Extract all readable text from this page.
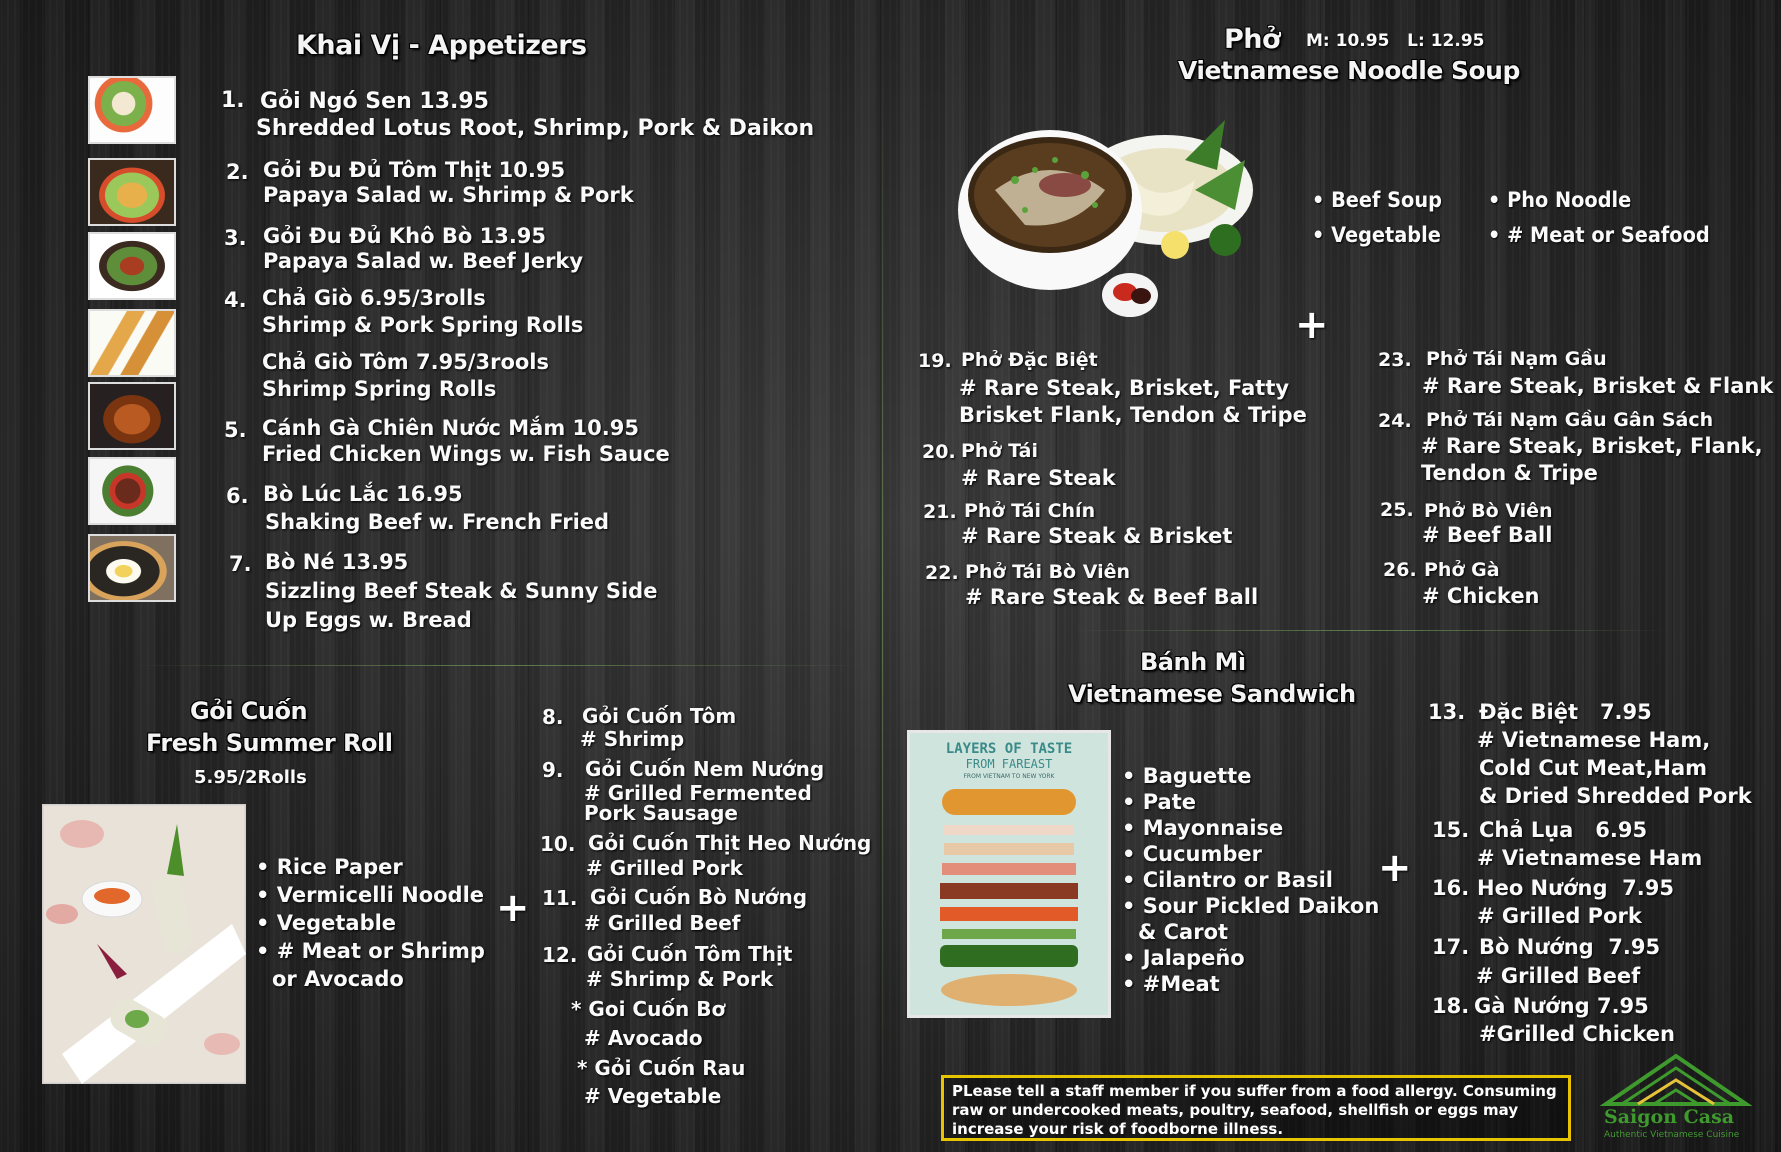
Khai Vị - Appetizers
1. Gỏi Ngó Sen 13.95
Shredded Lotus Root, Shrimp, Pork & Daikon
2. Gỏi Đu Đủ Tôm Thịt 10.95
Papaya Salad w. Shrimp & Pork
3. Gỏi Đu Đủ Khô Bò 13.95
Papaya Salad w. Beef Jerky
4. Chả Giò 6.95/3rolls
Shrimp & Pork Spring Rolls
Chả Giò Tôm 7.95/3rools
Shrimp Spring Rolls
5. Cánh Gà Chiên Nước Mắm 10.95
Fried Chicken Wings w. Fish Sauce
6. Bò Lúc Lắc 16.95
Shaking Beef w. French Fried
7. Bò Né 13.95
Sizzling Beef Steak & Sunny Side
Up Eggs w. Bread
Phở M: 10.95   L: 12.95
Vietnamese Noodle Soup
• Beef Soup
• Vegetable
• Pho Noodle
• # Meat or Seafood
+
19. Phở Đặc Biệt
# Rare Steak, Brisket, Fatty
Brisket Flank, Tendon & Tripe
20. Phở Tái
# Rare Steak
21. Phở Tái Chín
# Rare Steak & Brisket
22. Phở Tái Bò Viên
# Rare Steak & Beef Ball
23. Phở Tái Nạm Gầu
# Rare Steak, Brisket & Flank
24. Phở Tái Nạm Gầu Gân Sách
# Rare Steak, Brisket, Flank,
Tendon & Tripe
25. Phở Bò Viên
# Beef Ball
26. Phở Gà
# Chicken
Gỏi Cuốn
Fresh Summer Roll
5.95/2Rolls
• Rice Paper
• Vermicelli Noodle
• Vegetable
• # Meat or Shrimp
or Avocado
+
8. Gỏi Cuốn Tôm
# Shrimp
9. Gỏi Cuốn Nem Nướng
# Grilled Fermented
Pork Sausage
10. Gỏi Cuốn Thịt Heo Nướng
# Grilled Pork
11. Gỏi Cuốn Bò Nướng
# Grilled Beef
12. Gỏi Cuốn Tôm Thịt
# Shrimp & Pork
* Goi Cuốn Bơ
# Avocado
* Gỏi Cuốn Rau
# Vegetable
Bánh Mì
Vietnamese Sandwich
LAYERS OF TASTE
FROM FAREAST
FROM VIETNAM TO NEW YORK	• Baguette
• Pate
• Mayonnaise
• Cucumber
• Cilantro or Basil
• Sour Pickled Daikon
& Carot
• Jalapeño
• #Meat
+
13. Đặc Biệt   7.95
# Vietnamese Ham,
Cold Cut Meat,Ham
& Dried Shredded Pork
15. Chả Lụa   6.95
# Vietnamese Ham
16. Heo Nướng  7.95
# Grilled Pork
17. Bò Nướng  7.95
# Grilled Beef
18. Gà Nướng 7.95
#Grilled Chicken
PLease tell a staff member if you suffer from a food allergy. Consuming raw or undercooked meats, poultry, seafood, shellfish or eggs may increase your risk of foodborne illness.
Saigon Casa
Authentic Vietnamese Cuisine
